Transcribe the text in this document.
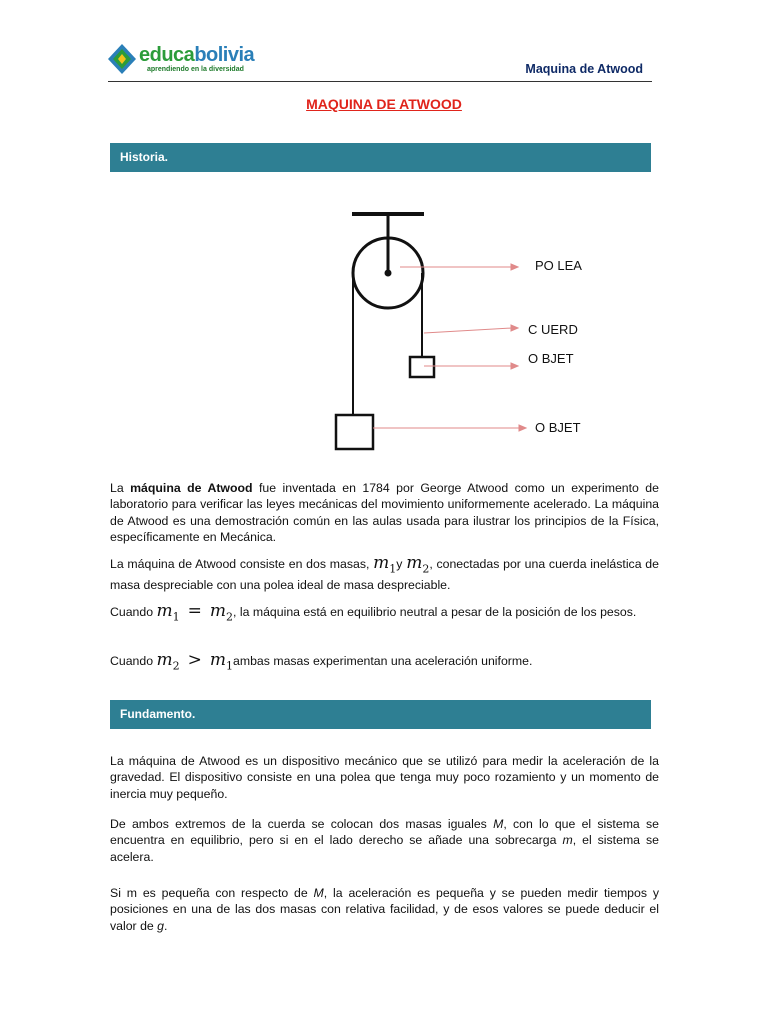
educabolivia
aprendiendo en la diversidad	Maquina de Atwood
MAQUINA DE ATWOOD
Historia.
PO LEA
C UERD
O BJET
O BJET

La máquina de Atwood fue inventada en 1784 por George Atwood como un experimento de laboratorio para verificar las leyes mecánicas del movimiento uniformemente acelerado. La máquina de Atwood es una demostración común en las aulas usada para ilustrar los principios de la Física, específicamente en Mecánica.

La máquina de Atwood consiste en dos masas, $m_1y$ $m_2$, conectadas por una cuerda inelástica de masa despreciable con una polea ideal de masa despreciable.

Cuando $m_1 = m_2$, la máquina está en equilibrio neutral a pesar de la posición de los pesos.

Cuando $m_2$ > $m_1ambas$ masas experimentan una aceleración uniforme.

Fundamento.

La máquina de Atwood es un dispositivo mecánico que se utilizó para medir la aceleración de la gravedad. El dispositivo consiste en una polea que tenga muy poco rozamiento y un momento de inercia muy pequeño.

De ambos extremos de la cuerda se colocan dos masas iguales M, con lo que el sistema se encuentra en equilibrio, pero si en el lado derecho se añade una sobrecarga m, el sistema se acelera.

Si m es pequeña con respecto de M, la aceleración es pequeña y se pueden medir tiempos y posiciones en una de las dos masas con relativa facilidad, y de esos valores se puede deducir el valor de g.
